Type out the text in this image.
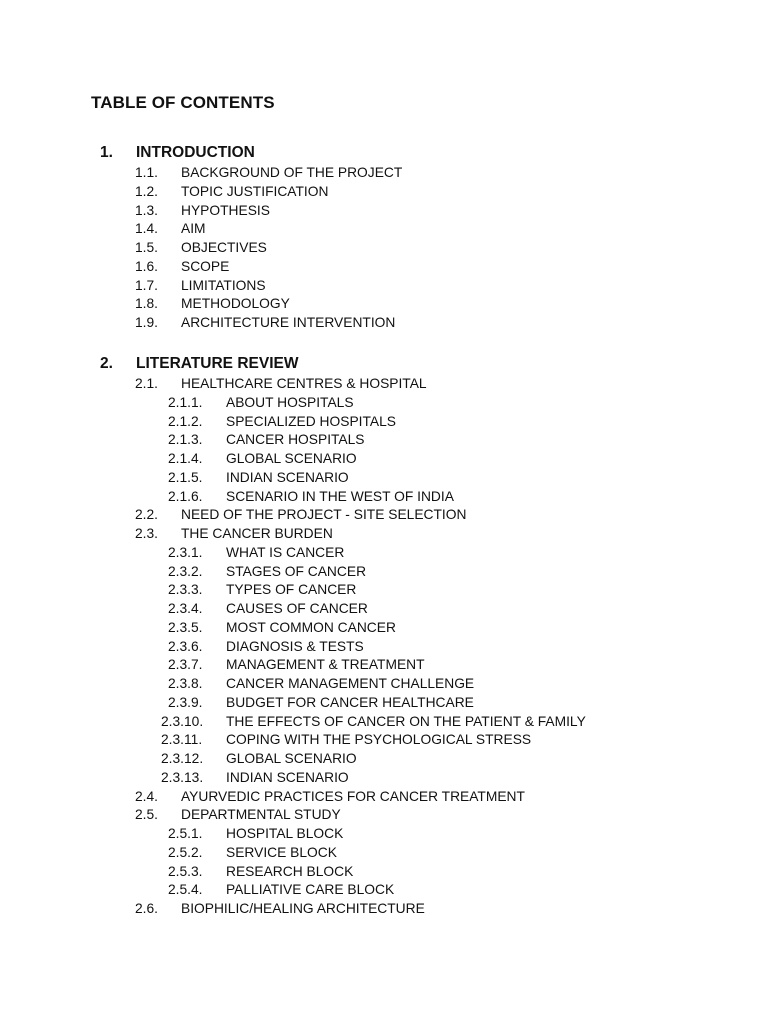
TABLE OF CONTENTS
1. INTRODUCTION
1.1. BACKGROUND OF THE PROJECT
1.2. TOPIC JUSTIFICATION
1.3. HYPOTHESIS
1.4. AIM
1.5. OBJECTIVES
1.6. SCOPE
1.7. LIMITATIONS
1.8. METHODOLOGY
1.9. ARCHITECTURE INTERVENTION
2. LITERATURE REVIEW
2.1. HEALTHCARE CENTRES & HOSPITAL
2.1.1. ABOUT HOSPITALS
2.1.2. SPECIALIZED HOSPITALS
2.1.3. CANCER HOSPITALS
2.1.4. GLOBAL SCENARIO
2.1.5. INDIAN SCENARIO
2.1.6. SCENARIO IN THE WEST OF INDIA
2.2. NEED OF THE PROJECT - SITE SELECTION
2.3. THE CANCER BURDEN
2.3.1. WHAT IS CANCER
2.3.2. STAGES OF CANCER
2.3.3. TYPES OF CANCER
2.3.4. CAUSES OF CANCER
2.3.5. MOST COMMON CANCER
2.3.6. DIAGNOSIS & TESTS
2.3.7. MANAGEMENT & TREATMENT
2.3.8. CANCER MANAGEMENT CHALLENGE
2.3.9. BUDGET FOR CANCER HEALTHCARE
2.3.10. THE EFFECTS OF CANCER ON THE PATIENT & FAMILY
2.3.11. COPING WITH THE PSYCHOLOGICAL STRESS
2.3.12. GLOBAL SCENARIO
2.3.13. INDIAN SCENARIO
2.4. AYURVEDIC PRACTICES FOR CANCER TREATMENT
2.5. DEPARTMENTAL STUDY
2.5.1. HOSPITAL BLOCK
2.5.2. SERVICE BLOCK
2.5.3. RESEARCH BLOCK
2.5.4. PALLIATIVE CARE BLOCK
2.6. BIOPHILIC/HEALING ARCHITECTURE
